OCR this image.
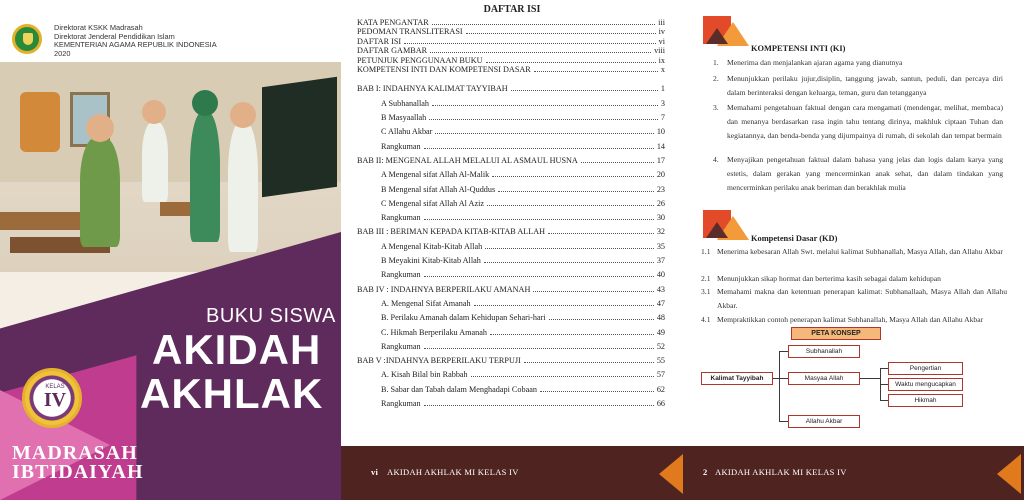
Direktorat KSKK Madrasah
Direktorat Jenderal Pendidikan Islam
KEMENTERIAN AGAMA REPUBLIK INDONESIA
2020
BUKU SISWA
AKIDAH
AKHLAK
KELAS
IV
MADRASAH
IBTIDAIYAH
DAFTAR ISI
KATA PENGANTAR	iii
PEDOMAN TRANSLITERASI	iv
DAFTAR ISI	vi
DAFTAR GAMBAR	viii
PETUNJUK PENGGUNAAN BUKU	ix
KOMPETENSI INTI DAN KOMPETENSI DASAR	x
BAB I: INDAHNYA KALIMAT TAYYIBAH	1
A Subhanallah	3
B Masyaallah	7
C Allahu Akbar	10
Rangkuman	14
BAB II: MENGENAL ALLAH MELALUI AL ASMAUL HUSNA	17
A Mengenal sifat Allah Al-Malik	20
B Mengenal sifat Allah Al-Quddus	23
C Mengenal sifat Allah Al Aziz	26
Rangkuman	30
BAB III : BERIMAN KEPADA KITAB-KITAB ALLAH	32
A Mengenal Kitab-Kitab Allah	35
B Meyakini Kitab-Kitab Allah	37
Rangkuman	40
BAB IV : INDAHNYA BERPERILAKU AMANAH	43
A. Mengenal Sifat Amanah	47
B. Perilaku Amanah dalam Kehidupan Sehari-hari	48
C. Hikmah Berperilaku Amanah	49
Rangkuman	52
BAB V :INDAHNYA BERPERILAKU TERPUJI	55
A. Kisah Bilal bin Rabbah	57
B. Sabar dan Tabah dalam Menghadapi Cobaan	62
Rangkuman	66
vi AKIDAH AKHLAK MI KELAS IV
KOMPETENSI INTI (KI)
1. Menerima dan menjalankan ajaran agama yang dianutnya
2. Menunjukkan perilaku jujur,disiplin, tanggung jawab, santun, peduli, dan percaya diri dalam berinteraksi dengan keluarga, teman, guru dan tetangganya
3. Memahami pengetahuan faktual dengan cara mengamati (mendengar, melihat, membaca) dan menanya berdasarkan rasa ingin tahu tentang dirinya, makhluk ciptaan Tuhan dan kegiatannya, dan benda-benda yang dijumpainya di rumah, di sekolah dan tempat bermain
4. Menyajikan pengetahuan faktual dalam bahasa yang jelas dan logis dalam karya yang estetis, dalam gerakan yang mencerminkan anak sehat, dan dalam tindakan yang mencerminkan perilaku anak beriman dan berakhlak mulia
Kompetensi Dasar (KD)
1.1 Menerima kebesaran Allah Swt. melalui kalimat Subhanallah, Masya Allah, dan Allahu Akbar
2.1 Menunjukkan sikap hormat dan berterima kasih sebagai dalam kehidupan
3.1 Memahami makna dan ketentuan penerapan kalimat: Subhanallaah, Masya Allah dan Allahu Akbar.
4.1 Mempraktikkan contoh penerapan kalimat Subhanallah, Masya Allah dan Allahu Akbar
PETA KONSEP
Kalimat Tayyibah
Subhanallah
Masyaa Allah
Allahu Akbar
Pengertian
Waktu mengucapkan
Hikmah
2 AKIDAH AKHLAK MI KELAS IV
